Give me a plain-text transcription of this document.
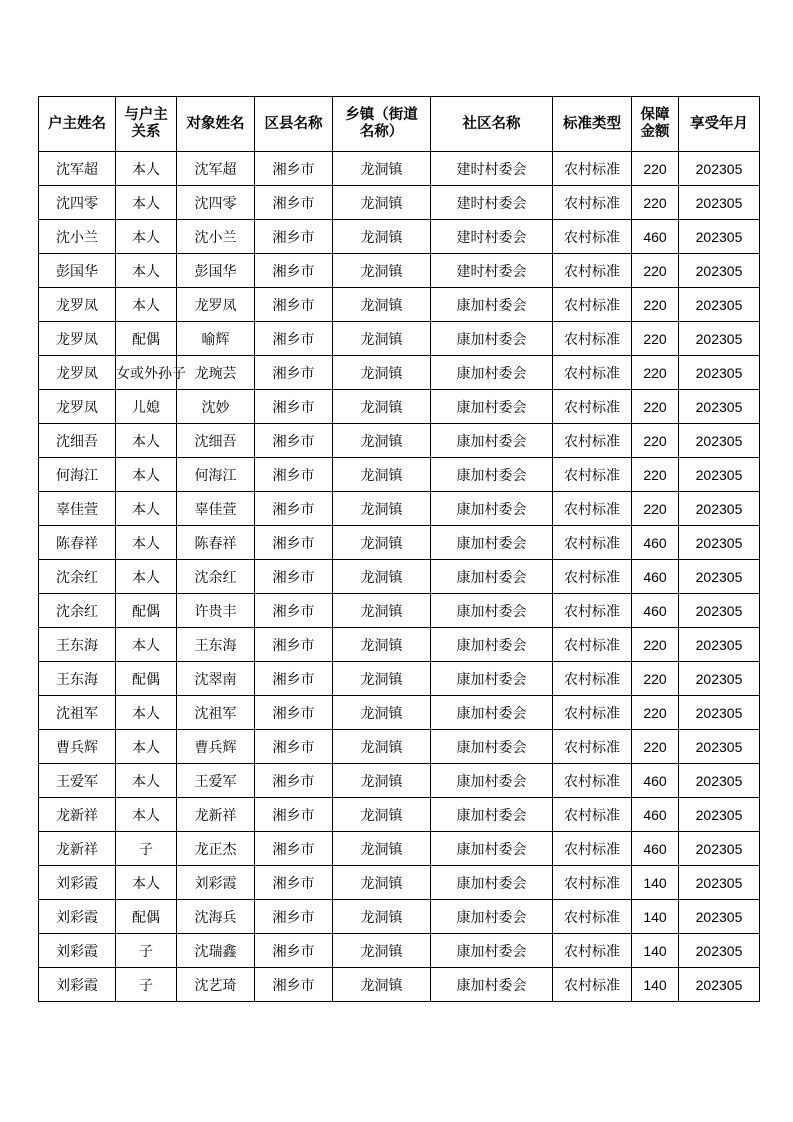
户主姓名	与户主关系	对象姓名	区县名称	乡镇（街道名称）	社区名称	标准类型	保障金额	享受年月
沈军超	本人	沈军超	湘乡市	龙洞镇	建时村委会	农村标准	220	202305
沈四零	本人	沈四零	湘乡市	龙洞镇	建时村委会	农村标准	220	202305
沈小兰	本人	沈小兰	湘乡市	龙洞镇	建时村委会	农村标准	460	202305
彭国华	本人	彭国华	湘乡市	龙洞镇	建时村委会	农村标准	220	202305
龙罗凤	本人	龙罗凤	湘乡市	龙洞镇	康加村委会	农村标准	220	202305
龙罗凤	配偶	喻辉	湘乡市	龙洞镇	康加村委会	农村标准	220	202305
龙罗凤	女或外孙子	龙琬芸	湘乡市	龙洞镇	康加村委会	农村标准	220	202305
龙罗凤	儿媳	沈妙	湘乡市	龙洞镇	康加村委会	农村标准	220	202305
沈细吾	本人	沈细吾	湘乡市	龙洞镇	康加村委会	农村标准	220	202305
何海江	本人	何海江	湘乡市	龙洞镇	康加村委会	农村标准	220	202305
辜佳萱	本人	辜佳萱	湘乡市	龙洞镇	康加村委会	农村标准	220	202305
陈春祥	本人	陈春祥	湘乡市	龙洞镇	康加村委会	农村标准	460	202305
沈余红	本人	沈余红	湘乡市	龙洞镇	康加村委会	农村标准	460	202305
沈余红	配偶	许贵丰	湘乡市	龙洞镇	康加村委会	农村标准	460	202305
王东海	本人	王东海	湘乡市	龙洞镇	康加村委会	农村标准	220	202305
王东海	配偶	沈翠南	湘乡市	龙洞镇	康加村委会	农村标准	220	202305
沈祖军	本人	沈祖军	湘乡市	龙洞镇	康加村委会	农村标准	220	202305
曹兵辉	本人	曹兵辉	湘乡市	龙洞镇	康加村委会	农村标准	220	202305
王爱军	本人	王爱军	湘乡市	龙洞镇	康加村委会	农村标准	460	202305
龙新祥	本人	龙新祥	湘乡市	龙洞镇	康加村委会	农村标准	460	202305
龙新祥	子	龙正杰	湘乡市	龙洞镇	康加村委会	农村标准	460	202305
刘彩霞	本人	刘彩霞	湘乡市	龙洞镇	康加村委会	农村标准	140	202305
刘彩霞	配偶	沈海兵	湘乡市	龙洞镇	康加村委会	农村标准	140	202305
刘彩霞	子	沈瑞鑫	湘乡市	龙洞镇	康加村委会	农村标准	140	202305
刘彩霞	子	沈艺琦	湘乡市	龙洞镇	康加村委会	农村标准	140	202305
